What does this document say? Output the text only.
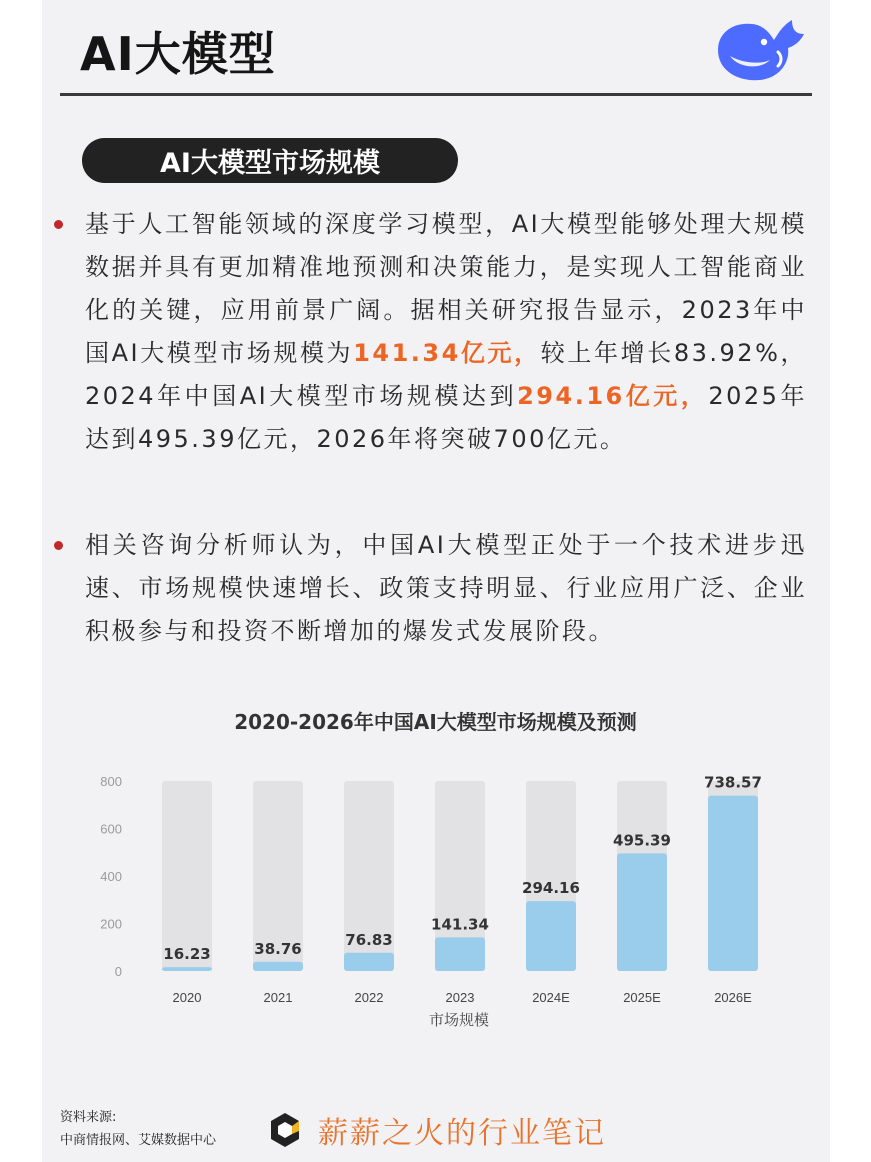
AI大模型
AI大模型市场规模

基于人工智能领域的深度学习模型，AI大模型能够处理大规模数据并具有更加精准地预测和决策能力，是实现人工智能商业化的关键，应用前景广阔。据相关研究报告显示，2023年中国AI大模型市场规模为141.34亿元，较上年增长83.92%，2024年中国AI大模型市场规模达到294.16亿元，2025年达到495.39亿元，2026年将突破700亿元。

相关咨询分析师认为，中国AI大模型正处于一个技术进步迅速、市场规模快速增长、政策支持明显、行业应用广泛、企业积极参与和投资不断增加的爆发式发展阶段。

2020-2026年中国AI大模型市场规模及预测
0
200
400
600
800
16.23
2020
38.76
2021
76.83
2022
141.34
2023
294.16
2024E
495.39
2025E
738.57
2026E
市场规模
资料来源:
中商情报网、艾媒数据中心	薪薪之火的行业笔记
